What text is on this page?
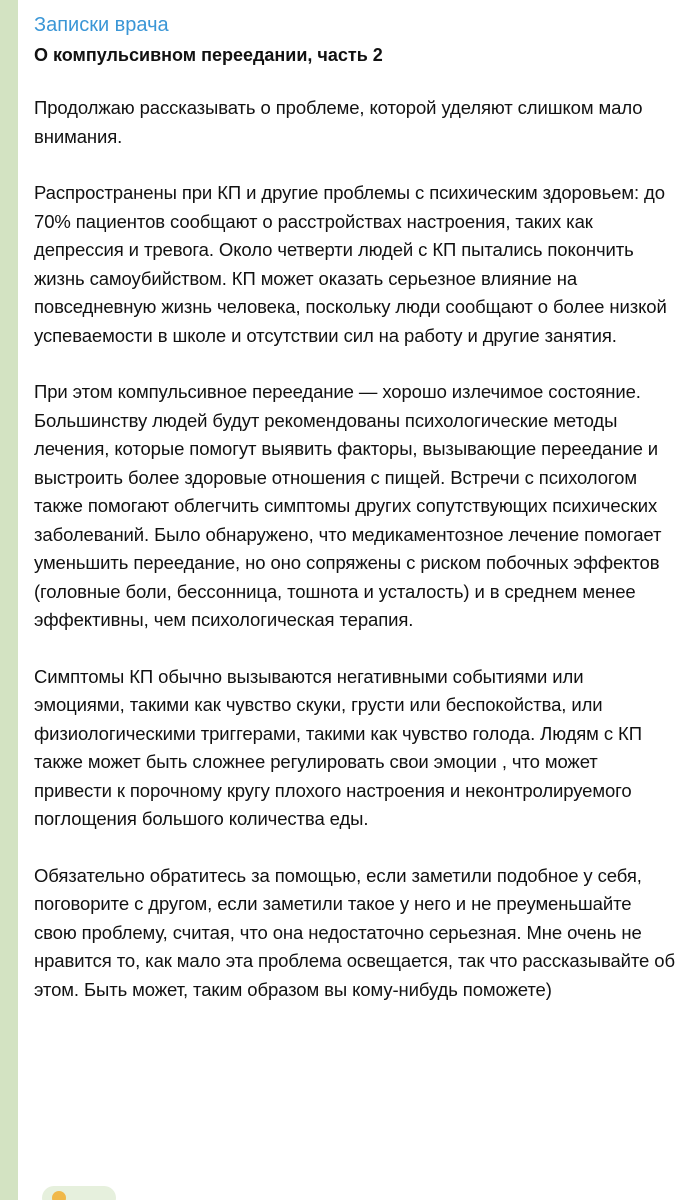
Записки врача
О компульсивном переедании, часть 2
Продолжаю рассказывать о проблеме, которой уделяют слишком мало внимания.
Распространены при КП и другие проблемы с психическим здоровьем: до 70% пациентов сообщают о расстройствах настроения, таких как депрессия и тревога. Около четверти людей с КП пытались покончить жизнь самоубийством. КП может оказать серьезное влияние на повседневную жизнь человека, поскольку люди сообщают о более низкой успеваемости в школе и отсутствии сил на работу и другие занятия.
При этом компульсивное переедание — хорошо излечимое состояние. Большинству людей будут рекомендованы психологические методы лечения, которые помогут выявить факторы, вызывающие переедание и выстроить более здоровые отношения с пищей. Встречи с психологом также помогают облегчить симптомы других сопутствующих психических заболеваний. Было обнаружено, что медикаментозное лечение помогает уменьшить переедание, но оно сопряжены с риском побочных эффектов (головные боли, бессонница, тошнота и усталость) и в среднем менее эффективны, чем психологическая терапия.
Симптомы КП обычно вызываются негативными событиями или эмоциями, такими как чувство скуки, грусти или беспокойства, или физиологическими триггерами, такими как чувство голода. Людям с КП также может быть сложнее регулировать свои эмоции , что может привести к порочному кругу плохого настроения и неконтролируемого поглощения большого количества еды.
Обязательно обратитесь за помощью, если заметили подобное у себя, поговорите с другом, если заметили такое у него и не преуменьшайте свою проблему, считая, что она недостаточно серьезная. Мне очень не нравится то, как мало эта проблема освещается, так что рассказывайте об этом. Быть может, таким образом вы кому-нибудь поможете)
